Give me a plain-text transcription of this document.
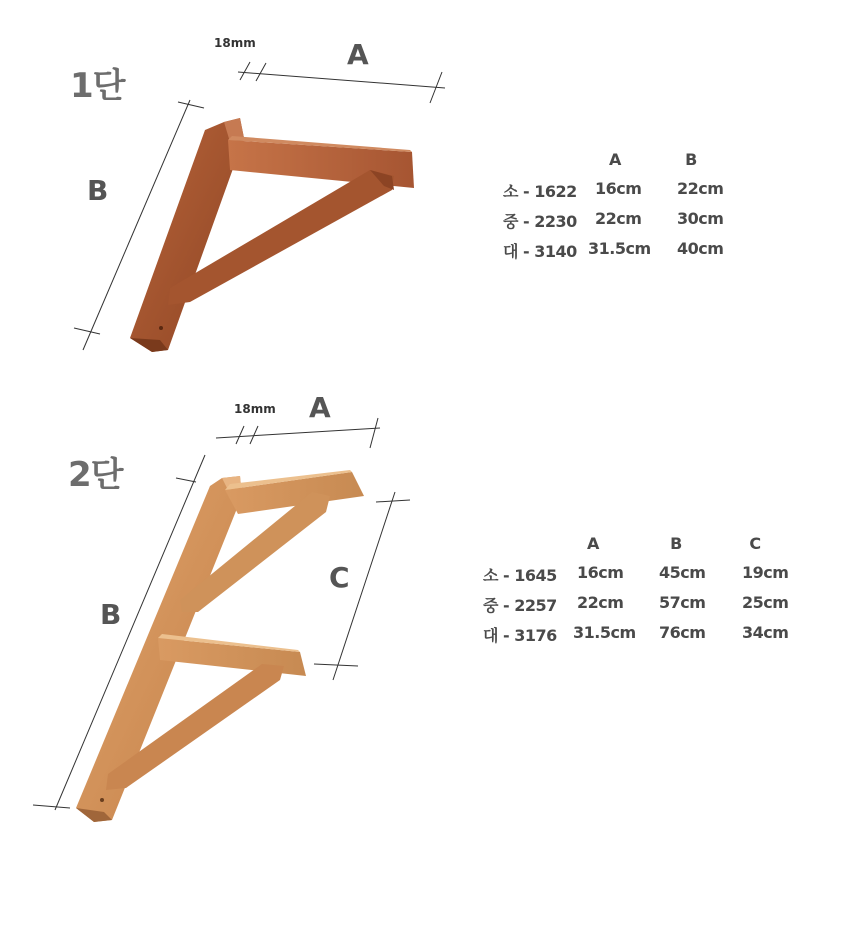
1단
18mm	A
B
A	B
소 - 1622 16cm 22cm
중 - 2230 22cm 30cm
대 - 3140 31.5cm 40cm
2단
18mm A
B
C
A	B	C
소 - 1645 16cm 45cm 19cm
중 - 2257 22cm 57cm 25cm
대 - 3176 31.5cm 76cm 34cm
